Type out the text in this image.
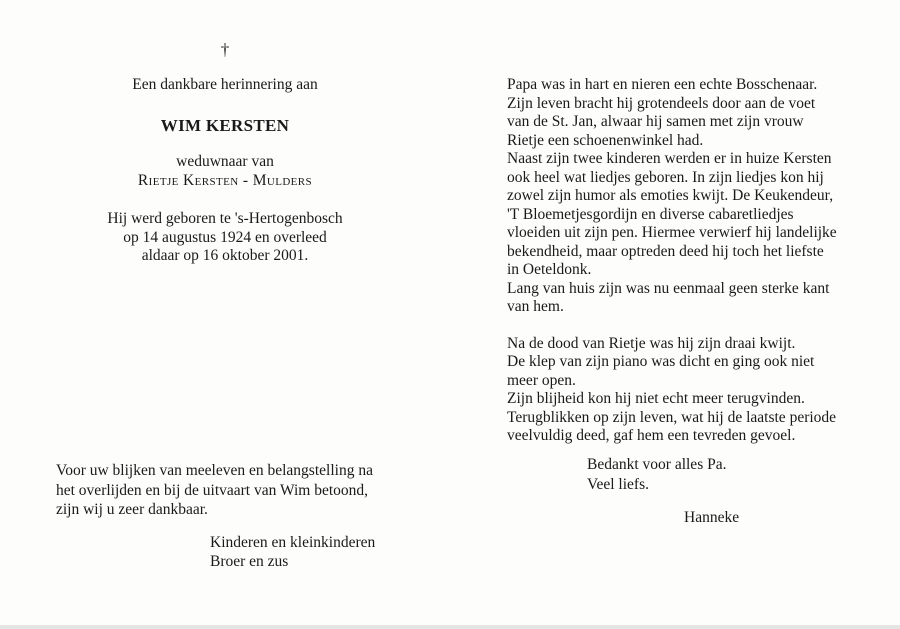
†
Een dankbare herinnering aan
WIM KERSTEN
weduwnaar van
Rietje Kersten - Mulders
Hij werd geboren te 's-Hertogenbosch
op 14 augustus 1924 en overleed
aldaar op 16 oktober 2001.
Voor uw blijken van meeleven en belangstelling na
het overlijden en bij de uitvaart van Wim betoond,
zijn wij u zeer dankbaar.
Kinderen en kleinkinderen
Broer en zus
Papa was in hart en nieren een echte Bosschenaar.
Zijn leven bracht hij grotendeels door aan de voet
van de St. Jan, alwaar hij samen met zijn vrouw
Rietje een schoenenwinkel had.
Naast zijn twee kinderen werden er in huize Kersten
ook heel wat liedjes geboren. In zijn liedjes kon hij
zowel zijn humor als emoties kwijt. De Keukendeur,
'T Bloemetjesgordijn en diverse cabaretliedjes
vloeiden uit zijn pen. Hiermee verwierf hij landelijke
bekendheid, maar optreden deed hij toch het liefste
in Oeteldonk.
Lang van huis zijn was nu eenmaal geen sterke kant
van hem.
Na de dood van Rietje was hij zijn draai kwijt.
De klep van zijn piano was dicht en ging ook niet
meer open.
Zijn blijheid kon hij niet echt meer terugvinden.
Terugblikken op zijn leven, wat hij de laatste periode
veelvuldig deed, gaf hem een tevreden gevoel.
Bedankt voor alles Pa.
Veel liefs.
Hanneke
